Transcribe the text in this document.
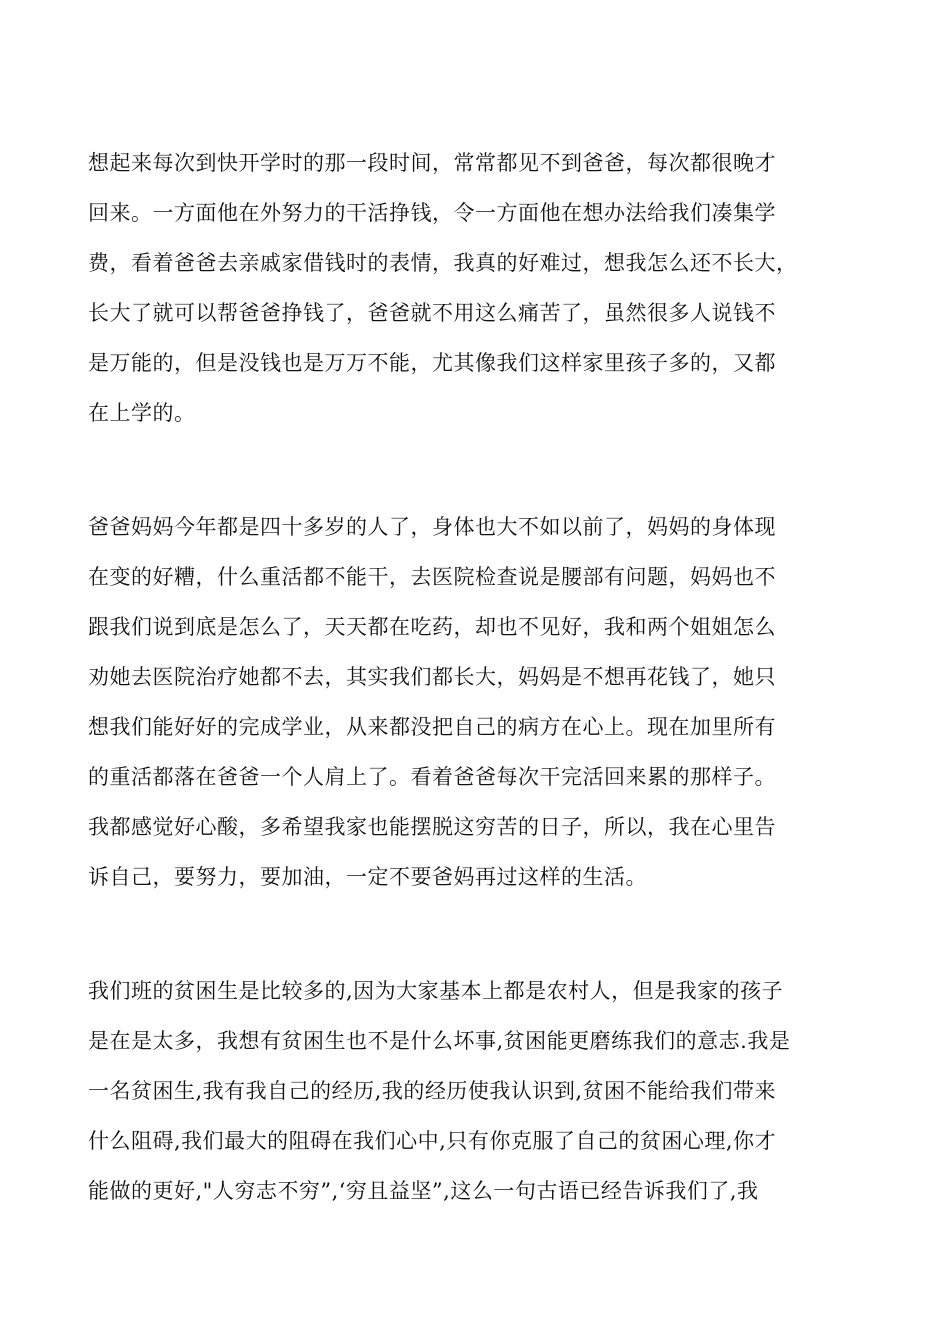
想起来每次到快开学时的那一段时间，常常都见不到爸爸，每次都很晚才
回来。一方面他在外努力的干活挣钱，令一方面他在想办法给我们凑集学
费，看着爸爸去亲戚家借钱时的表情，我真的好难过，想我怎么还不长大，
长大了就可以帮爸爸挣钱了，爸爸就不用这么痛苦了，虽然很多人说钱不
是万能的，但是没钱也是万万不能，尤其像我们这样家里孩子多的，又都
在上学的。
爸爸妈妈今年都是四十多岁的人了，身体也大不如以前了，妈妈的身体现
在变的好糟，什么重活都不能干，去医院检查说是腰部有问题，妈妈也不
跟我们说到底是怎么了，天天都在吃药，却也不见好，我和两个姐姐怎么
劝她去医院治疗她都不去，其实我们都长大，妈妈是不想再花钱了，她只
想我们能好好的完成学业，从来都没把自己的病方在心上。现在加里所有
的重活都落在爸爸一个人肩上了。看着爸爸每次干完活回来累的那样子。
我都感觉好心酸，多希望我家也能摆脱这穷苦的日子，所以，我在心里告
诉自己，要努力，要加油，一定不要爸妈再过这样的生活。
我们班的贫困生是比较多的,因为大家基本上都是农村人，但是我家的孩子
是在是太多，我想有贫困生也不是什么坏事,贫困能更磨练我们的意志.我是
一名贫困生,我有我自己的经历,我的经历使我认识到,贫困不能给我们带来
什么阻碍,我们最大的阻碍在我们心中,只有你克服了自己的贫困心理,你才
能做的更好,"人穷志不穷”,‘穷且益坚”,这么一句古语已经告诉我们了,我
